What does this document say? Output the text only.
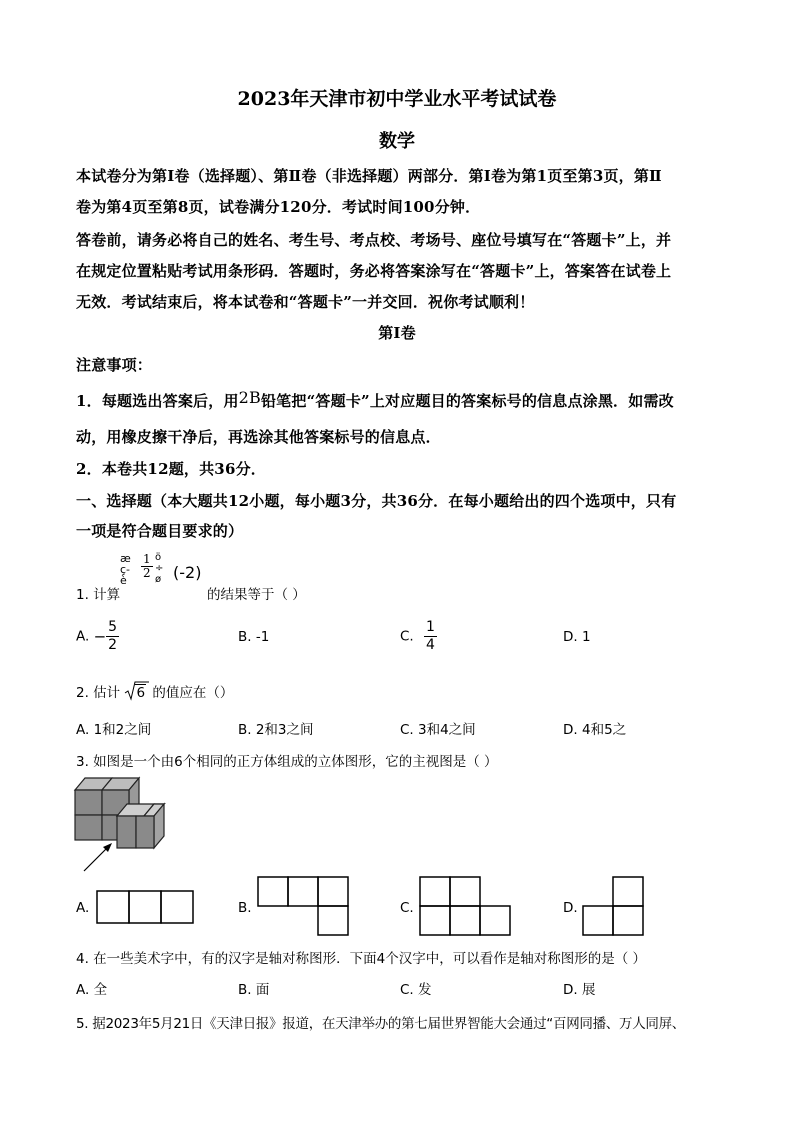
2023年天津市初中学业水平考试试卷
数学
本试卷分为第Ⅰ卷（选择题）、第Ⅱ卷（非选择题）两部分．第Ⅰ卷为第1页至第3页，第Ⅱ
卷为第4页至第8页，试卷满分120分．考试时间100分钟．
答卷前，请务必将自己的姓名、考生号、考点校、考场号、座位号填写在“答题卡”上，并
在规定位置粘贴考试用条形码．答题时，务必将答案涂写在“答题卡”上，答案答在试卷上
无效．考试结束后，将本试卷和“答题卡”一并交回．祝你考试顺利！
第Ⅰ卷
注意事项：
1．每题选出答案后，用2B铅笔把“答题卡”上对应题目的答案标号的信息点涂黑．如需改
动，用橡皮擦干净后，再选涂其他答案标号的信息点．
2．本卷共12题，共36分．
一、选择题（本大题共12小题，每小题3分，共36分．在每小题给出的四个选项中，只有
一项是符合题目要求的）
1. 计算
æ
ç-
è
$\frac{1}{2}$ ö
÷
ø (-2)
的结果等于（ ）
A. − $\frac{5}{2}$	B. -1	C. $\frac{1}{4}$	D. 1
2. 估计 6 的值应在（）
A. 1和2之间	B. 2和3之间	C. 3和4之间	D. 4和5之
3. 如图是一个由6个相同的正方体组成的立体图形，它的主视图是（ ）
A.	B.	C.	D.
4. 在一些美术字中，有的汉字是轴对称图形．下面4个汉字中，可以看作是轴对称图形的是（ ）
A. 全	B. 面	C. 发	D. 展
5. 据2023年5月21日《天津日报》报道，在天津举办的第七届世界智能大会通过“百网同播、万人同屏、
